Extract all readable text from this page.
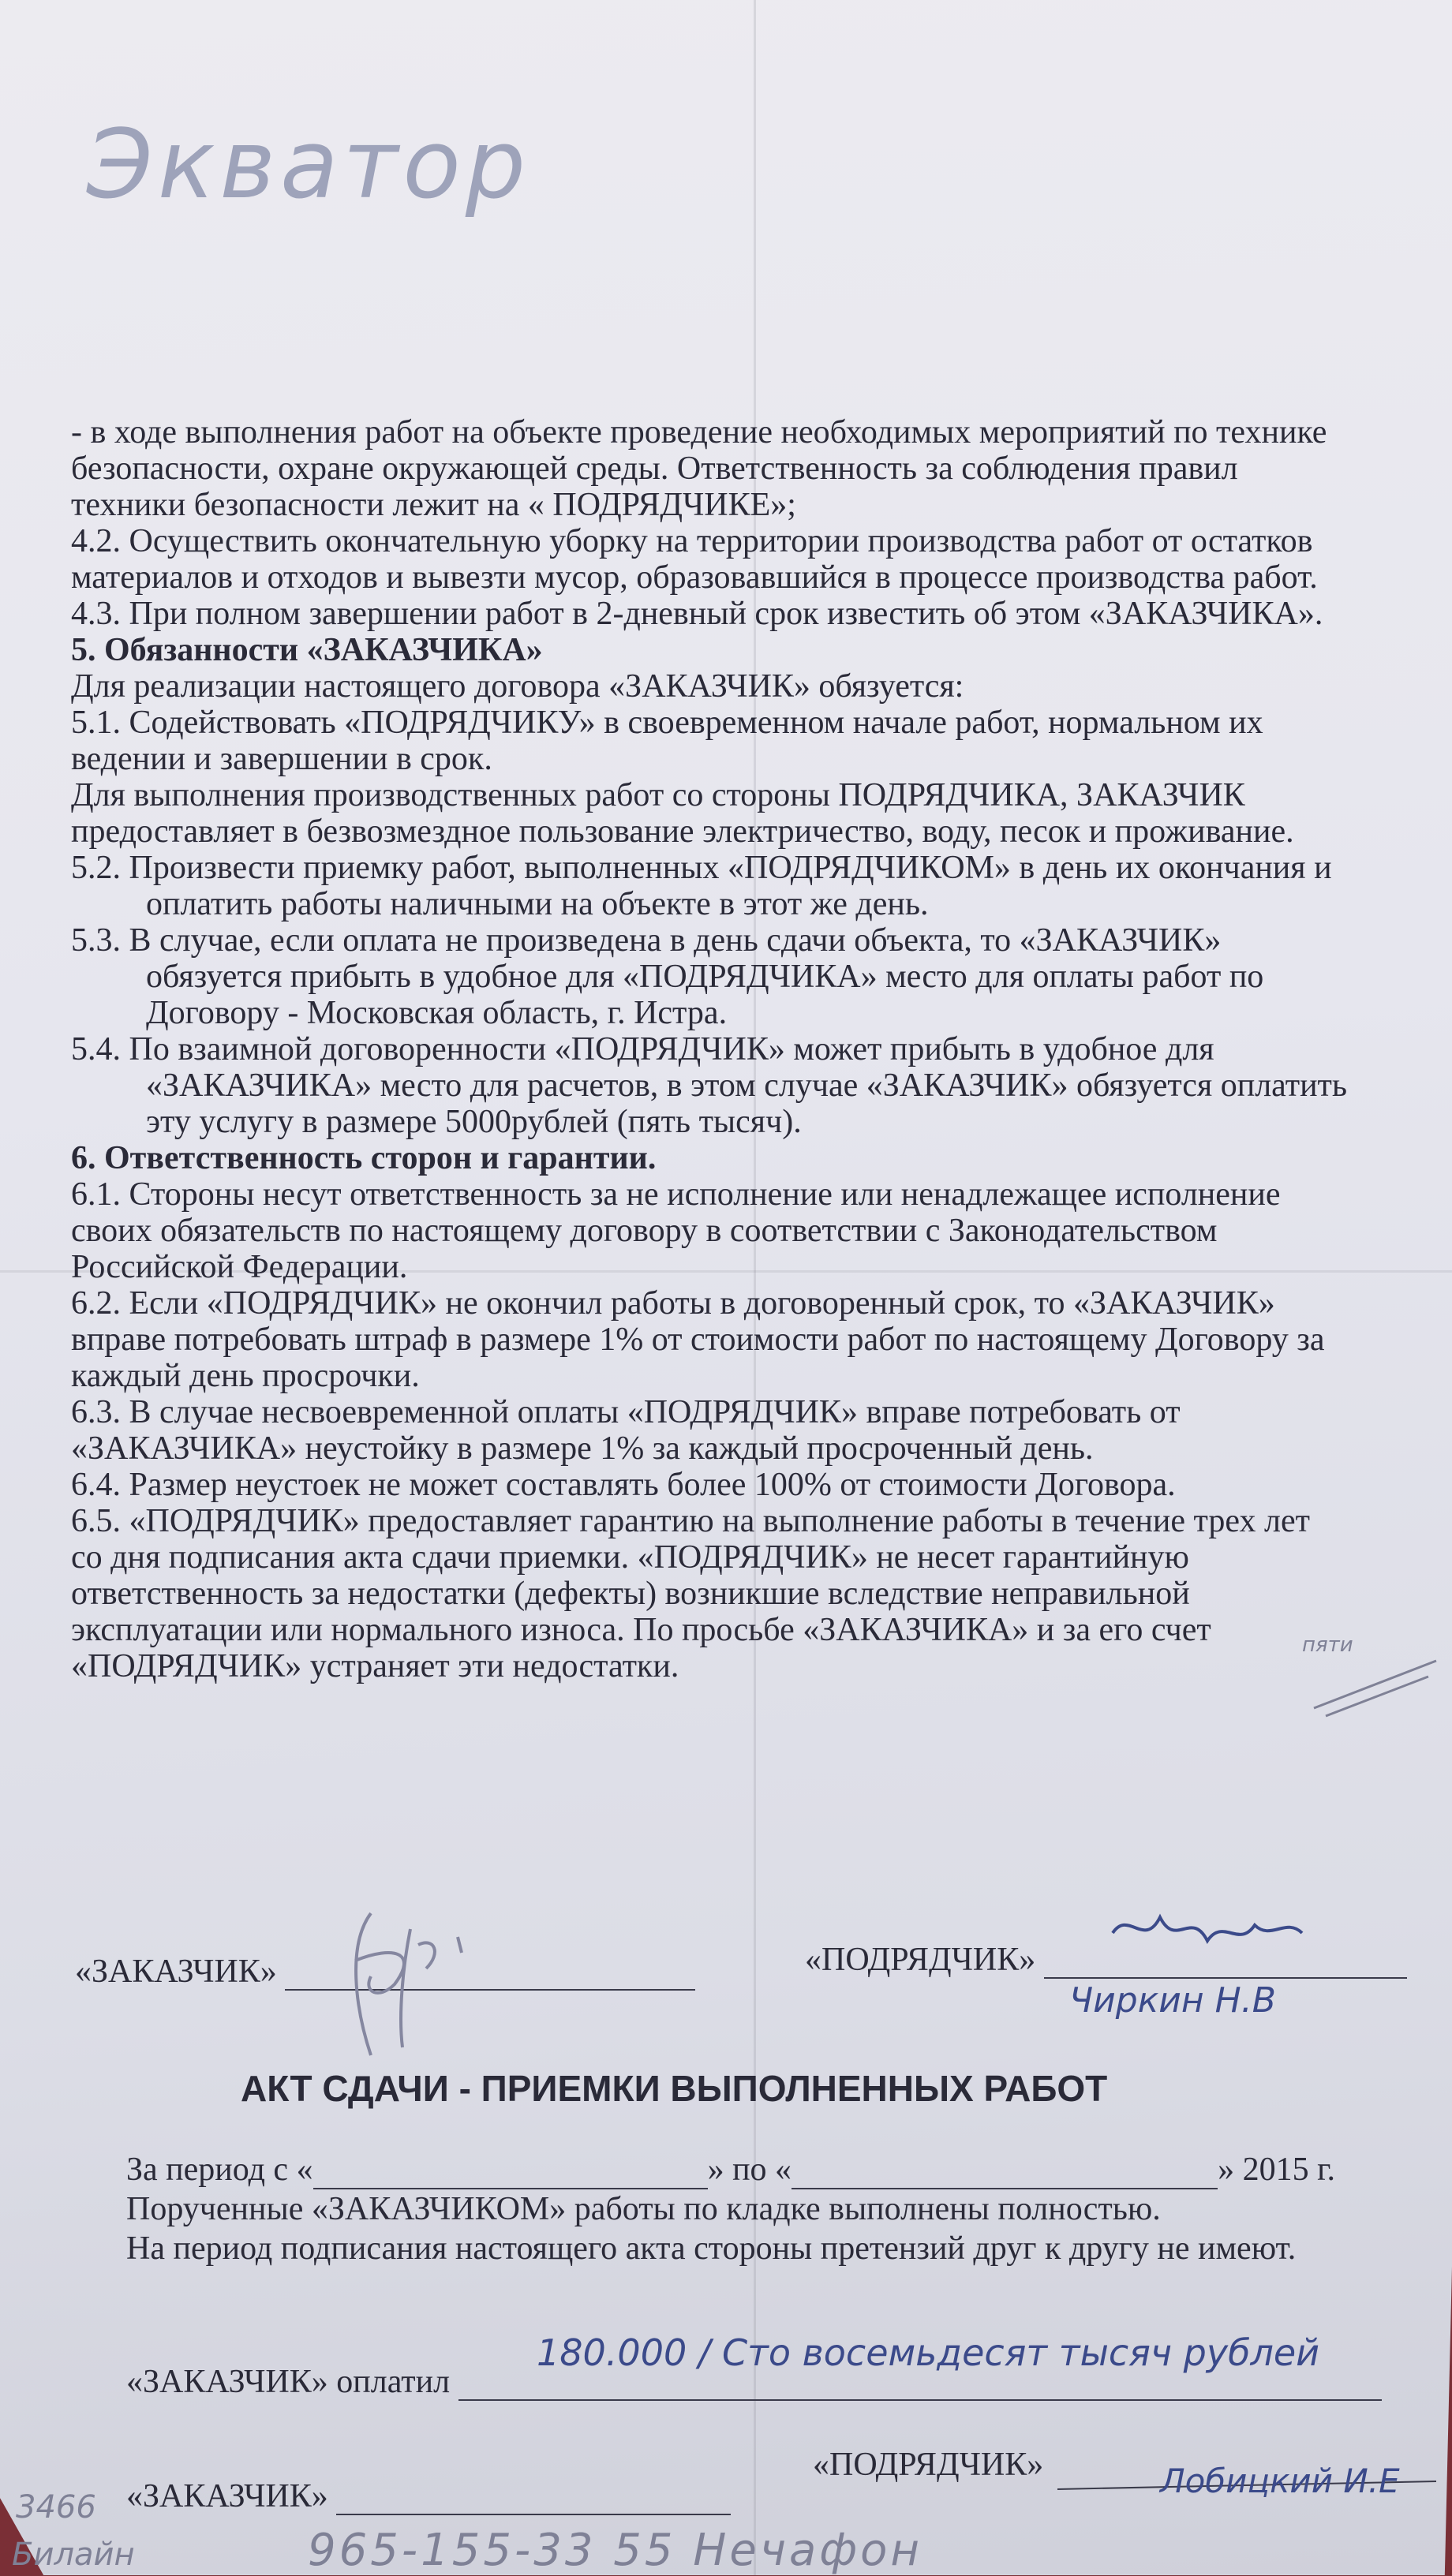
Экватор
- в ходе выполнения работ на объекте проведение необходимых мероприятий по технике
безопасности, охране окружающей среды. Ответственность за соблюдения правил
техники безопасности лежит на « ПОДРЯДЧИКЕ»;
4.2. Осуществить окончательную уборку на территории производства работ от остатков
материалов и отходов и вывезти мусор, образовавшийся в процессе производства работ.
4.3. При полном завершении работ в 2-дневный срок известить об этом «ЗАКАЗЧИКА».
5. Обязанности «ЗАКАЗЧИКА»
Для реализации настоящего договора «ЗАКАЗЧИК» обязуется:
5.1. Содействовать «ПОДРЯДЧИКУ» в своевременном начале работ, нормальном их
ведении и завершении в срок.
Для выполнения производственных работ со стороны ПОДРЯДЧИКА, ЗАКАЗЧИК
предоставляет в безвозмездное пользование электричество, воду, песок и проживание.
5.2. Произвести приемку работ, выполненных «ПОДРЯДЧИКОМ» в день их окончания и
оплатить работы наличными на объекте в этот же день.
5.3. В случае, если оплата не произведена в день сдачи объекта, то «ЗАКАЗЧИК»
обязуется прибыть в удобное для «ПОДРЯДЧИКА» место для оплаты работ по
Договору - Московская область, г. Истра.
5.4. По взаимной договоренности «ПОДРЯДЧИК» может прибыть в удобное для
«ЗАКАЗЧИКА» место для расчетов, в этом случае «ЗАКАЗЧИК» обязуется оплатить
эту услугу в размере 5000рублей (пять тысяч).
6. Ответственность сторон и гарантии.
6.1. Стороны несут ответственность за не исполнение или ненадлежащее исполнение
своих обязательств по настоящему договору в соответствии с Законодательством
Российской Федерации.
6.2. Если «ПОДРЯДЧИК» не окончил работы в договоренный срок, то «ЗАКАЗЧИК»
вправе потребовать штраф в размере 1% от стоимости работ по настоящему Договору за
каждый день просрочки.
6.3. В случае несвоевременной оплаты «ПОДРЯДЧИК» вправе потребовать от
«ЗАКАЗЧИКА» неустойку в размере 1% за каждый просроченный день.
6.4. Размер неустоек не может составлять более 100% от стоимости Договора.
6.5. «ПОДРЯДЧИК» предоставляет гарантию на выполнение работы в течение трех лет
со дня подписания акта сдачи приемки. «ПОДРЯДЧИК» не несет гарантийную
ответственность за недостатки (дефекты) возникшие вследствие неправильной
эксплуатации или нормального износа. По просьбе «ЗАКАЗЧИКА» и за его счет
«ПОДРЯДЧИК» устраняет эти недостатки.
пяти
«ЗАКАЗЧИК»	«ПОДРЯДЧИК»
Чиркин Н.В
АКТ СДАЧИ - ПРИЕМКИ ВЫПОЛНЕННЫХ РАБОТ
За период с «	» по «	» 2015 г.
Порученные «ЗАКАЗЧИКОМ» работы по кладке выполнены полностью.
На период подписания настоящего акта стороны претензий друг к другу не имеют.
«ЗАКАЗЧИК» оплатил
180.000 / Сто восемьдесят тысяч рублей
«ЗАКАЗЧИК»
«ПОДРЯДЧИК»	Лобицкий И.Е
965-155-33 55 Нечафон
3466
Билайн
